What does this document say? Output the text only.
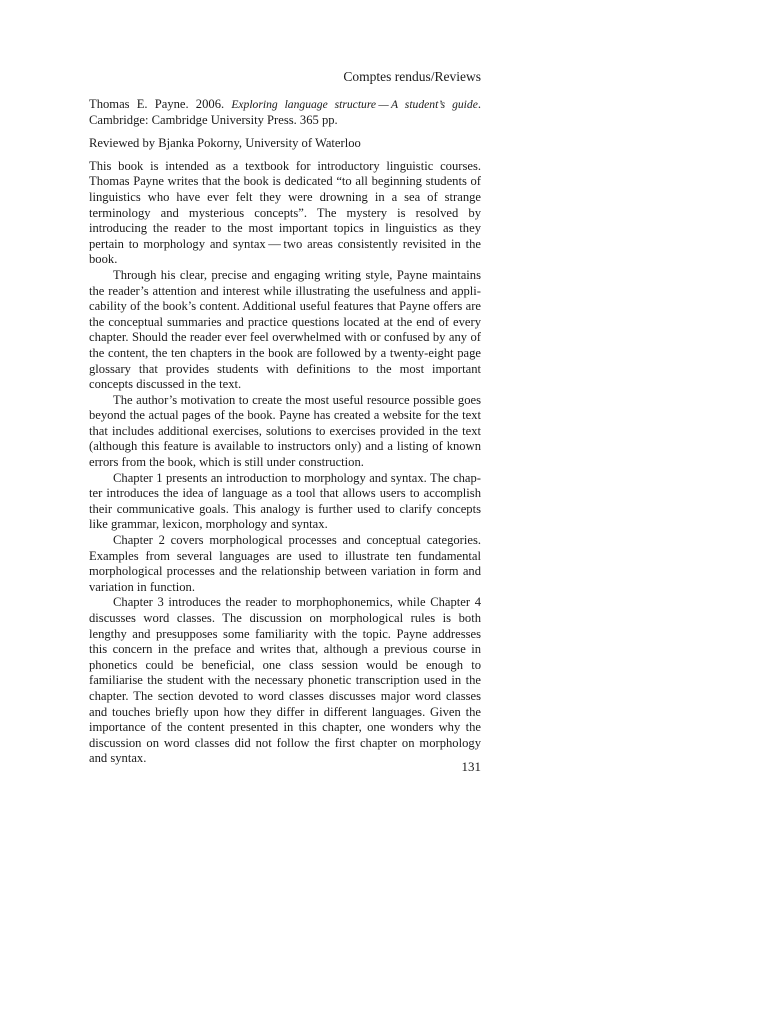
Comptes rendus/Reviews

Thomas E. Payne. 2006. Exploring language structure — A student’s guide. Cambridge: Cambridge University Press. 365 pp.

Reviewed by Bjanka Pokorny, University of Waterloo

This book is intended as a textbook for introductory linguistic courses. Thomas Payne writes that the book is dedicated “to all beginning students of linguistics who have ever felt they were drowning in a sea of strange terminology and mysterious concepts”. The mystery is resolved by introducing the reader to the most important topics in linguistics as they pertain to morphology and syntax — two areas consistently revisited in the book.

Through his clear, precise and engaging writing style, Payne maintains the reader’s attention and interest while illustrating the usefulness and applicability of the book’s content. Additional useful features that Payne offers are the conceptual summaries and practice questions located at the end of every chapter. Should the reader ever feel overwhelmed with or confused by any of the content, the ten chapters in the book are followed by a twenty-eight page glossary that provides students with definitions to the most important concepts discussed in the text.

The author’s motivation to create the most useful resource possible goes beyond the actual pages of the book. Payne has created a website for the text that includes additional exercises, solutions to exercises provided in the text (although this feature is available to instructors only) and a listing of known errors from the book, which is still under construction.

Chapter 1 presents an introduction to morphology and syntax. The chapter introduces the idea of language as a tool that allows users to accomplish their communicative goals. This analogy is further used to clarify concepts like grammar, lexicon, morphology and syntax.

Chapter 2 covers morphological processes and conceptual categories. Examples from several languages are used to illustrate ten fundamental morphological processes and the relationship between variation in form and variation in function.

Chapter 3 introduces the reader to morphophonemics, while Chapter 4 discusses word classes. The discussion on morphological rules is both lengthy and presupposes some familiarity with the topic. Payne addresses this concern in the preface and writes that, although a previous course in phonetics could be beneficial, one class session would be enough to familiarise the student with the necessary phonetic transcription used in the chapter. The section devoted to word classes discusses major word classes and touches briefly upon how they differ in different languages. Given the importance of the content presented in this chapter, one wonders why the discussion on word classes did not follow the first chapter on morphology and syntax.

131
